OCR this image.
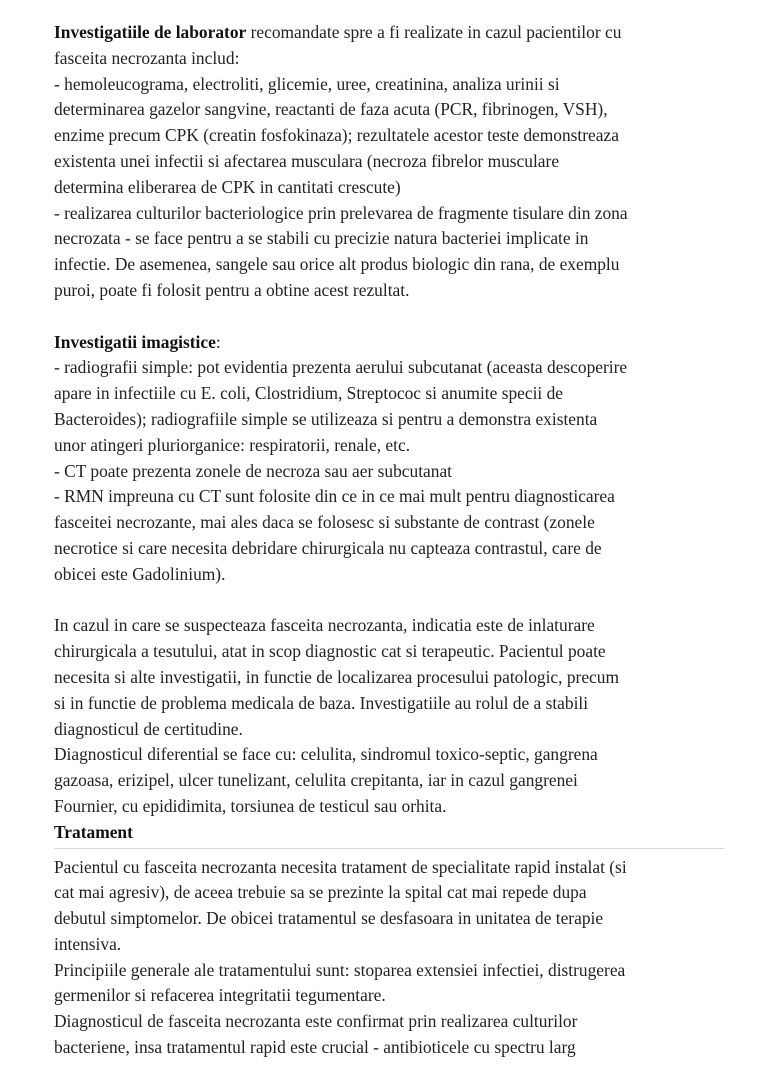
Investigatiile de laborator recomandate spre a fi realizate in cazul pacientilor cu
fasceita necrozanta includ:
- hemoleucograma, electroliti, glicemie, uree, creatinina, analiza urinii si
determinarea gazelor sangvine, reactanti de faza acuta (PCR, fibrinogen, VSH),
enzime precum CPK (creatin fosfokinaza); rezultatele acestor teste demonstreaza
existenta unei infectii si afectarea musculara (necroza fibrelor musculare
determina eliberarea de CPK in cantitati crescute)
- realizarea culturilor bacteriologice prin prelevarea de fragmente tisulare din zona
necrozata - se face pentru a se stabili cu precizie natura bacteriei implicate in
infectie. De asemenea, sangele sau orice alt produs biologic din rana, de exemplu
puroi, poate fi folosit pentru a obtine acest rezultat.
Investigatii imagistice:
- radiografii simple: pot evidentia prezenta aerului subcutanat (aceasta descoperire
apare in infectiile cu E. coli, Clostridium, Streptococ si anumite specii de
Bacteroides); radiografiile simple se utilizeaza si pentru a demonstra existenta
unor atingeri pluriorganice: respiratorii, renale, etc.
- CT poate prezenta zonele de necroza sau aer subcutanat
- RMN impreuna cu CT sunt folosite din ce in ce mai mult pentru diagnosticarea
fasceitei necrozante, mai ales daca se folosesc si substante de contrast (zonele
necrotice si care necesita debridare chirurgicala nu capteaza contrastul, care de
obicei este Gadolinium).
In cazul in care se suspecteaza fasceita necrozanta, indicatia este de inlaturare
chirurgicala a tesutului, atat in scop diagnostic cat si terapeutic. Pacientul poate
necesita si alte investigatii, in functie de localizarea procesului patologic, precum
si in functie de problema medicala de baza. Investigatiile au rolul de a stabili
diagnosticul de certitudine.
Diagnosticul diferential se face cu: celulita, sindromul toxico-septic, gangrena
gazoasa, erizipel, ulcer tunelizant, celulita crepitanta, iar in cazul gangrenei
Fournier, cu epididimita, torsiunea de testicul sau orhita.
Tratament
Pacientul cu fasceita necrozanta necesita tratament de specialitate rapid instalat (si
cat mai agresiv), de aceea trebuie sa se prezinte la spital cat mai repede dupa
debutul simptomelor. De obicei tratamentul se desfasoara in unitatea de terapie
intensiva.
Principiile generale ale tratamentului sunt: stoparea extensiei infectiei, distrugerea
germenilor si refacerea integritatii tegumentare.
Diagnosticul de fasceita necrozanta este confirmat prin realizarea culturilor
bacteriene, insa tratamentul rapid este crucial - antibioticele cu spectru larg
